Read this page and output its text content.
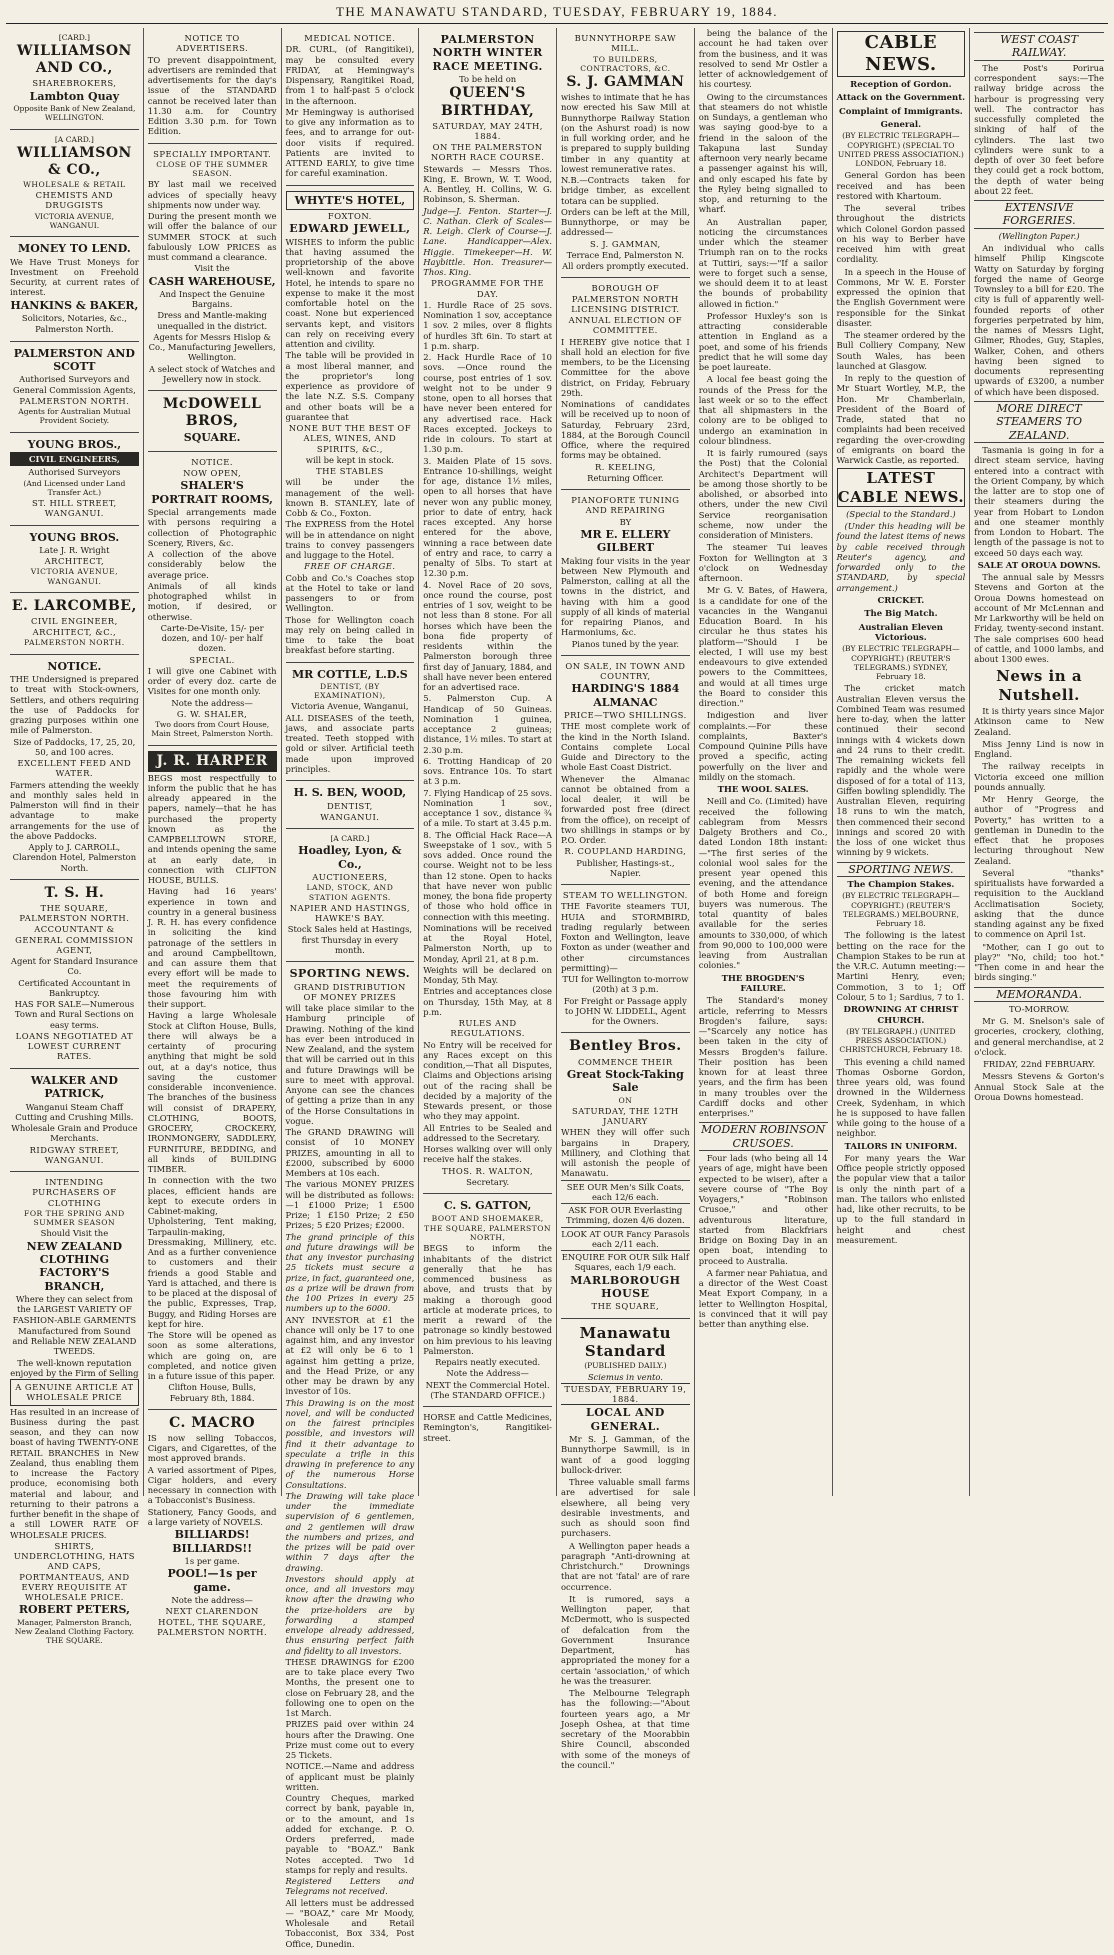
THE MANAWATU STANDARD, TUESDAY, FEBRUARY 19, 1884.

[CARD.]

WILLIAMSON AND CO.,

SHAREBROKERS,

Lambton Quay

Opposite Bank of New Zealand, WELLINGTON.

[A CARD.]

WILLIAMSON & CO.,

WHOLESALE & RETAIL

CHEMISTS AND DRUGGISTS

VICTORIA AVENUE, WANGANUI.

MONEY TO LEND.

We Have Trust Moneys for Investment on Freehold Security, at current rates of interest.

HANKINS & BAKER,

Solicitors, Notaries, &c.,

Palmerston North.

PALMERSTON AND SCOTT

Authorised Surveyors and General Commission Agents,

PALMERSTON NORTH.

Agents for Australian Mutual Provident Society.

YOUNG BROS.,

CIVIL ENGINEERS,

Authorised Surveyors

(And Licensed under Land Transfer Act.)

ST. HILL STREET, WANGANUI.

YOUNG BROS.

Late J. R. Wright

ARCHITECT,

VICTORIA AVENUE, WANGANUI.

E. LARCOMBE,

CIVIL ENGINEER,

ARCHITECT, &C.,

PALMERSTON NORTH.

NOTICE.

THE Undersigned is prepared to treat with Stock-owners, Settlers, and others requiring the use of Paddocks for grazing purposes within one mile of Palmerston.

Size of Paddocks, 17, 25, 20, 50, and 100 acres.

EXCELLENT FEED AND WATER.

Farmers attending the weekly and monthly sales held in Palmerston will find in their advantage to make arrangements for the use of the above Paddocks.

Apply to J. CARROLL, Clarendon Hotel, Palmerston North.

T. S. H.

THE SQUARE, PALMERSTON NORTH.

ACCOUNTANT & GENERAL COMMISSION AGENT,

Agent for Standard Insurance Co.

Certificated Accountant in Bankruptcy.

HAS FOR SALE—Numerous Town and Rural Sections on easy terms.

LOANS NEGOTIATED AT LOWEST CURRENT RATES.

WALKER AND PATRICK,

Wanganui Steam Chaff Cutting and Crushing Mills.

Wholesale Grain and Produce Merchants.

RIDGWAY STREET, WANGANUI.

INTENDING PURCHASERS OF CLOTHING

FOR THE SPRING AND SUMMER SEASON

Should Visit the

NEW ZEALAND CLOTHING FACTORY'S BRANCH,

Where they can select from the LARGEST VARIETY OF FASHION-ABLE GARMENTS

Manufactured from Sound and Reliable NEW ZEALAND TWEEDS.

The well-known reputation enjoyed by the Firm of Selling

A GENUINE ARTICLE AT WHOLESALE PRICE

Has resulted in an increase of Business during the past season, and they can now boast of having TWENTY-ONE RETAIL BRANCHES in New Zealand, thus enabling them to increase the Factory produce, economising both material and labour, and returning to their patrons a further benefit in the shape of a still LOWER RATE OF WHOLESALE PRICES.

SHIRTS, UNDERCLOTHING, HATS AND CAPS, PORTMANTEAUS, AND EVERY REQUISITE AT WHOLESALE PRICE.

ROBERT PETERS,

Manager, Palmerston Branch, New Zealand Clothing Factory. THE SQUARE.

NOTICE TO ADVERTISERS.

TO prevent disappointment, advertisers are reminded that advertisements for the day's issue of the STANDARD cannot be received later than 11.30 a.m. for Country Edition 3.30 p.m. for Town Edition.

SPECIALLY IMPORTANT.

CLOSE OF THE SUMMER SEASON.

BY last mail we received advices of specially heavy shipments now under way.

During the present month we will offer the balance of our SUMMER STOCK at such fabulously LOW PRICES as must command a clearance.

Visit the

CASH WAREHOUSE,

And Inspect the Genuine Bargains.

Dress and Mantle-making unequalled in the district.

Agents for Messrs Hislop & Co., Manufacturing Jewellers, Wellington.

A select stock of Watches and Jewellery now in stock.

McDOWELL BROS,

SQUARE.

NOTICE.

NOW OPEN,

SHALER'S PORTRAIT ROOMS,

Special arrangements made with persons requiring a collection of Photographic Scenery, Rivers, &c.

A collection of the above considerably below the average price.

Animals of all kinds photographed whilst in motion, if desired, or otherwise.

Carte-De-Visite, 15/- per dozen, and 10/- per half dozen.

SPECIAL.

I will give one Cabinet with order of every doz. carte de Visites for one month only.

Note the address—

G. W. SHALER,

Two doors from Court House, Main Street, Palmerston North.

J. R. HARPER

BEGS most respectfully to inform the public that he has already appeared in the papers, namely—that he has purchased the property known as the CAMPBELLTOWN STORE, and intends opening the same at an early date, in connection with CLIFTON HOUSE, BULLS.

Having had 16 years' experience in town and country in a general business J. R. H. has every confidence in soliciting the kind patronage of the settlers in and around Campbelltown, and can assure them that every effort will be made to meet the requirements of those favouring him with their support.

Having a large Wholesale Stock at Clifton House, Bulls, there will always be a certainty of procuring anything that might be sold out, at a day's notice, thus saving the customer considerable inconvenience. The branches of the business will consist of DRAPERY, CLOTHING, BOOTS, GROCERY, CROCKERY, IRONMONGERY, SADDLERY, FURNITURE, BEDDING, and all kinds of BUILDING TIMBER.

In connection with the two places, efficient hands are kept to execute orders in Cabinet-making, Upholstering, Tent making, Tarpaulin-making, Dressmaking, Millinery, etc. And as a further convenience to customers and their friends a good Stable and Yard is attached, and there is to be placed at the disposal of the public, Expresses, Trap, Buggy, and Riding Horses are kept for hire.

The Store will be opened as soon as some alterations, which are going on, are completed, and notice given in a future issue of this paper.

Clifton House, Bulls, February 8th, 1884.

C. MACRO

IS now selling Tobaccos, Cigars, and Cigarettes, of the most approved brands.

A varied assortment of Pipes, Cigar holders, and every necessary in connection with a Tobacconist's Business.

Stationery, Fancy Goods, and a large variety of NOVELS.

BILLIARDS! BILLIARDS!!

1s per game.

POOL!—1s per game.

Note the address—

NEXT CLARENDON HOTEL, THE SQUARE, PALMERSTON NORTH.

MEDICAL NOTICE.

DR. CURL, (of Rangitikei), may be consulted every FRIDAY, at Hemingway's Dispensary, Rangitikei Road, from 1 to half-past 5 o'clock in the afternoon.

Mr Hemingway is authorised to give any information as to fees, and to arrange for out-door visits if required. Patients are invited to ATTEND EARLY, to give time for careful examination.

WHYTE'S HOTEL,

FOXTON.

EDWARD JEWELL,

WISHES to inform the public that having assumed the proprietorship of the above well-known and favorite Hotel, he intends to spare no expense to make it the most comfortable hotel on the coast. None but experienced servants kept, and visitors can rely on receiving every attention and civility.

The table will be provided in a most liberal manner, and the proprietor's long experience as providore of the late N.Z. S.S. Company and other boats will be a guarantee that

NONE BUT THE BEST OF ALES, WINES, AND SPIRITS, &C.,

will be kept in stock.

THE STABLES

will be under the management of the well-known B. STANLEY, late of Cobb & Co., Foxton.

The EXPRESS from the Hotel will be in attendance on night trains to convey passengers and luggage to the Hotel.

FREE OF CHARGE.

Cobb and Co.'s Coaches stop at the Hotel to take or land passengers to or from Wellington.

Those for Wellington coach may rely on being called in time to take the boat breakfast before starting.

MR COTTLE, L.D.S

DENTIST, (BY EXAMINATION),

Victoria Avenue, Wanganui,

ALL DISEASES of the teeth, jaws, and associate parts treated. Teeth stopped with gold or silver. Artificial teeth made upon improved principles.

H. S. BEN, WOOD,

DENTIST,

WANGANUI.

[A CARD.]

Hoadley, Lyon, & Co.,

AUCTIONEERS,

LAND, STOCK, AND STATION AGENTS.

NAPIER AND HASTINGS, HAWKE'S BAY.

Stock Sales held at Hastings, first Thursday in every month.

SPORTING NEWS.

GRAND DISTRIBUTION OF MONEY PRIZES

will take place similar to the Hamburg principle of Drawing. Nothing of the kind has ever been introduced in New Zealand, and the system that will be carried out in this and future Drawings will be sure to meet with approval. Anyone can see the chances of getting a prize than in any of the Horse Consultations in vogue.

The GRAND DRAWING will consist of 10 MONEY PRIZES, amounting in all to £2000, subscribed by 6000 Members at 10s each.

The various MONEY PRIZES will be distributed as follows:—1 £1000 Prize; 1 £500 Prize; 1 £150 Prize; 2 £50 Prizes; 5 £20 Prizes; £2000.

The grand principle of this and future drawings will be that any investor purchasing 25 tickets must secure a prize, in fact, guaranteed one, as a prize will be drawn from the 100 Prizes in every 25 numbers up to the 6000.

ANY INVESTOR at £1 the chance will only be 17 to one against him, and any investor at £2 will only be 6 to 1 against him getting a prize, and the Head Prize, or any other may be drawn by any investor of 10s.

This Drawing is on the most novel, and will be conducted on the fairest principles possible, and investors will find it their advantage to speculate a trifle in this drawing in preference to any of the numerous Horse Consultations.

The Drawing will take place under the immediate supervision of 6 gentlemen, and 2 gentlemen will draw the numbers and prizes, and the prizes will be paid over within 7 days after the drawing.

Investors should apply at once, and all investors may know after the drawing who the prize-holders are by forwarding a stamped envelope already addressed, thus ensuring perfect faith and fidelity to all investors.

THESE DRAWINGS for £200 are to take place every Two Months, the present one to close on February 28, and the following one to open on the 1st March.

PRIZES paid over within 24 hours after the Drawing. One Prize must come out to every 25 Tickets.

NOTICE.—Name and address of applicant must be plainly written.

Country Cheques, marked correct by bank, payable in, or to the amount, and 1s added for exchange. P. O. Orders preferred, made payable to "BOAZ." Bank Notes accepted. Two 1d stamps for reply and results.

Registered Letters and Telegrams not received.

All letters must be addressed— "BOAZ," care Mr Moody, Wholesale and Retail Tobacconist, Box 334, Post Office, Dunedin.

PALMERSTON NORTH WINTER RACE MEETING.

To be held on

QUEEN'S BIRTHDAY,

SATURDAY, MAY 24TH, 1884.

ON THE PALMERSTON NORTH RACE COURSE.

Stewards — Messrs Thos. King, E. Brown, W. T. Wood, A. Bentley, H. Collins, W. G. Robinson, S. Sherman.

Judge—J. Fenton. Starter—J. C. Nathan. Clerk of Scales—R. Leigh. Clerk of Course—J. Lane. Handicapper—Alex. Higgie. Timekeeper—H. W. Haybittle. Hon. Treasurer—Thos. King.

PROGRAMME FOR THE DAY.

1. Hurdle Race of 25 sovs. Nomination 1 sov, acceptance 1 sov. 2 miles, over 8 flights of hurdles 3ft 6in. To start at 1 p.m. sharp.

2. Hack Hurdle Race of 10 sovs. —Once round the course, post entries of 1 sov. weight not to be under 9 stone, open to all horses that have never been entered for any advertised race. Hack Races excepted. Jockeys to ride in colours. To start at 1.30 p.m.

3. Maiden Plate of 15 sovs. Entrance 10-shillings, weight for age, distance 1½ miles, open to all horses that have never won any public money, prior to date of entry, hack races excepted. Any horse entered for the above, winning a race between date of entry and race, to carry a penalty of 5lbs. To start at 12.30 p.m.

4. Novel Race of 20 sovs, once round the course, post entries of 1 sov, weight to be not less than 8 stone. For all horses which have been the bona fide property of residents within the Palmerston borough three first day of January, 1884, and shall have never been entered for an advertised race.

5. Palmerston Cup. A Handicap of 50 Guineas. Nomination 1 guinea, acceptance 2 guineas; distance, 1½ miles. To start at 2.30 p.m.

6. Trotting Handicap of 20 sovs. Entrance 10s. To start at 3 p.m.

7. Flying Handicap of 25 sovs. Nomination 1 sov., acceptance 1 sov., distance ¾ of a mile. To start at 3.45 p.m.

8. The Official Hack Race—A Sweepstake of 1 sov., with 5 sovs added. Once round the course. Weight not to be less than 12 stone. Open to hacks that have never won public money, the bona fide property of those who hold office in connection with this meeting.

Nominations will be received at the Royal Hotel, Palmerston North, up to Monday, April 21, at 8 p.m.

Weights will be declared on Monday, 5th May.

Entries and acceptances close on Thursday, 15th May, at 8 p.m.

RULES AND REGULATIONS.

No Entry will be received for any Races except on this condition,—That all Disputes, Claims and Objections arising out of the racing shall be decided by a majority of the Stewards present, or those who they may appoint.

All Entries to be Sealed and addressed to the Secretary.

Horses walking over will only receive half the stakes.

THOS. R. WALTON,

Secretary.

C. S. GATTON,

BOOT AND SHOEMAKER,

THE SQUARE, PALMERSTON NORTH,

BEGS to inform the inhabitants of the district generally that he has commenced business as above, and trusts that by making a thorough good article at moderate prices, to merit a reward of the patronage so kindly bestowed on him previous to his leaving Palmerston.

Repairs neatly executed.

Note the Address—

NEXT the Commercial Hotel. (The STANDARD OFFICE.)

HORSE and Cattle Medicines, Remington's, Rangitikei-street.

BUNNYTHORPE SAW MILL.

TO BUILDERS, CONTRACTORS, &C.

S. J. GAMMAN

wishes to intimate that he has now erected his Saw Mill at Bunnythorpe Railway Station (on the Ashurst road) is now in full working order, and he is prepared to supply building timber in any quantity at lowest remunerative rates.

N.B.—Contracts taken for bridge timber, as excellent totara can be supplied.

Orders can be left at the Mill, Bunnythorpe, or may be addressed—

S. J. GAMMAN,

Terrace End, Palmerston N.

All orders promptly executed.

BOROUGH OF PALMERSTON NORTH LICENSING DISTRICT.

ANNUAL ELECTION OF COMMITTEE.

I HEREBY give notice that I shall hold an election for five members, to be the Licensing Committee for the above district, on Friday, February 29th.

Nominations of candidates will be received up to noon of Saturday, February 23rd, 1884, at the Borough Council Office, where the required forms may be obtained.

R. KEELING,

Returning Officer.

PIANOFORTE TUNING AND REPAIRING

BY

MR E. ELLERY GILBERT

Making four visits in the year between New Plymouth and Palmerston, calling at all the towns in the district, and having with him a good supply of all kinds of material for repairing Pianos, and Harmoniums, &c.

Pianos tuned by the year.

ON SALE, IN TOWN AND COUNTRY,

HARDING'S 1884 ALMANAC

PRICE—TWO SHILLINGS.

THE most complete work of the kind in the North Island. Contains complete Local Guide and Directory to the whole East Coast District.

Whenever the Almanac cannot be obtained from a local dealer, it will be forwarded post free (direct from the office), on receipt of two shillings in stamps or by P.O. Order.

R. COUPLAND HARDING,

Publisher, Hastings-st., Napier.

STEAM TO WELLINGTON.

THE Favorite steamers TUI, HUIA and STORMBIRD, trading regularly between Foxton and Wellington, leave Foxton as under (weather and other circumstances permitting)—

TUI for Wellington to-morrow (20th) at 3 p.m.

For Freight or Passage apply to JOHN W. LIDDELL, Agent for the Owners.

Bentley Bros.

COMMENCE THEIR

Great Stock-Taking Sale

ON

SATURDAY, THE 12TH JANUARY

WHEN they will offer such bargains in Drapery, Millinery, and Clothing that will astonish the people of Manawatu.

SEE OUR Men's Silk Coats, each 12/6 each.

ASK FOR OUR Everlasting Trimming, dozen 4/6 dozen.

LOOK AT OUR Fancy Parasols each 2/11 each.

ENQUIRE FOR OUR Silk Half Squares, each 1/9 each.

MARLBOROUGH HOUSE

THE SQUARE,

Manawatu Standard

(PUBLISHED DAILY.)

Sciemus in vento.

TUESDAY, FEBRUARY 19, 1884.

LOCAL AND GENERAL.

Mr S. J. Gamman, of the Bunnythorpe Sawmill, is in want of a good logging bullock-driver.

Three valuable small farms are advertised for sale elsewhere, all being very desirable investments, and such as should soon find purchasers.

A Wellington paper heads a paragraph "Anti-drowning at Christchurch." Drownings that are not 'fatal' are of rare occurrence.

It is rumored, says a Wellington paper, that McDermott, who is suspected of defalcation from the Government Insurance Department, has appropriated the money for a certain 'association,' of which he was the treasurer.

The Melbourne Telegraph has the following:—"About fourteen years ago, a Mr Joseph Oshea, at that time secretary of the Moorabbin Shire Council, absconded with some of the moneys of the council."

being the balance of the account he had taken over from the business, and it was resolved to send Mr Ostler a letter of acknowledgement of his courtesy.

Owing to the circumstances that steamers do not whistle on Sundays, a gentleman who was saying good-bye to a friend in the saloon of the Takapuna last Sunday afternoon very nearly became a passenger against his will, and only escaped his fate by the Ryley being signalled to stop, and returning to the wharf.

An Australian paper, noticing the circumstances under which the steamer Triumph ran on to the rocks at Tuttiri, says:—"If a sailor were to forget such a sense, we should deem it to at least the bounds of probability allowed in fiction."

Professor Huxley's son is attracting considerable attention in England as a poet, and some of his friends predict that he will some day be poet laureate.

A local fee beast going the rounds of the Press for the last week or so to the effect that all shipmasters in the colony are to be obliged to undergo an examination in colour blindness.

It is fairly rumoured (says the Post) that the Colonial Architect's Department will be among those shortly to be abolished, or absorbed into others, under the new Civil Service reorganisation scheme, now under the consideration of Ministers.

The steamer Tui leaves Foxton for Wellington at 3 o'clock on Wednesday afternoon.

Mr G. V. Bates, of Hawera, is a candidate for one of the vacancies in the Wanganui Education Board. In his circular he thus states his platform—"Should I be elected, I will use my best endeavours to give extended powers to the Committees, and would at all times urge the Board to consider this direction."

Indigestion and liver complaints.—For these complaints, Baxter's Compound Quinine Pills have proved a specific, acting powerfully on the liver and mildly on the stomach.

THE WOOL SALES.

Neill and Co. (Limited) have received the following cablegram from Messrs Dalgety Brothers and Co., dated London 18th instant:—"The first series of the colonial wool sales for the present year opened this evening, and the attendance of both Home and foreign buyers was numerous. The total quantity of bales available for the series amounts to 330,000, of which from 90,000 to 100,000 were leaving from Australian colonies."

THE BROGDEN'S FAILURE.

The Standard's money article, referring to Messrs Brogden's failure, says:—"Scarcely any notice has been taken in the city of Messrs Brogden's failure. Their position has been known for at least three years, and the firm has been in many troubles over the Cardiff docks and other enterprises."

MODERN ROBINSON CRUSOES.

Four lads (who being all 14 years of age, might have been expected to be wiser), after a severe course of "The Boy Voyagers," "Robinson Crusoe," and other adventurous literature, started from Blackfriars Bridge on Boxing Day in an open boat, intending to proceed to Australia.

A farmer near Pahiatua, and a director of the West Coast Meat Export Company, in a letter to Wellington Hospital, is convinced that it will pay better than anything else.

CABLE NEWS.
Reception of Gordon.
Attack on the Government.
Complaint of Immigrants.
General.

(BY ELECTRIC TELEGRAPH—COPYRIGHT.) (SPECIAL TO UNITED PRESS ASSOCIATION.) LONDON, February 18.

General Gordon has been received and has been restored with Khartoum.

The several tribes throughout the districts which Colonel Gordon passed on his way to Berber have received him with great cordiality.

In a speech in the House of Commons, Mr W. E. Forster expressed the opinion that the English Government were responsible for the Sinkat disaster.

The steamer ordered by the Bull Colliery Company, New South Wales, has been launched at Glasgow.

In reply to the question of Mr Stuart Wortley, M.P., the Hon. Mr Chamberlain, President of the Board of Trade, stated that no complaints had been received regarding the over-crowding of emigrants on board the Warwick Castle, as reported.

LATEST CABLE NEWS.

(Special to the Standard.)

(Under this heading will be found the latest items of news by cable received through Reuter's agency, and forwarded only to the STANDARD, by special arrangement.)

CRICKET.
The Big Match.
Australian Eleven Victorious.

(BY ELECTRIC TELEGRAPH—COPYRIGHT.) (REUTER'S TELEGRAMS.) SYDNEY, February 18.

The cricket match Australian Eleven versus the Combined Team was resumed here to-day, when the latter continued their second innings with 4 wickets down and 24 runs to their credit. The remaining wickets fell rapidly and the whole were disposed of for a total of 113, Giffen bowling splendidly. The Australian Eleven, requiring 18 runs to win the match, then commenced their second innings and scored 20 with the loss of one wicket thus winning by 9 wickets.

SPORTING NEWS.
The Champion Stakes.

(BY ELECTRIC TELEGRAPH—COPYRIGHT.) (REUTER'S TELEGRAMS.) MELBOURNE, February 18.

The following is the latest betting on the race for the Champion Stakes to be run at the V.R.C. Autumn meeting:—Martini Henry, even; Commotion, 3 to 1; Off Colour, 5 to 1; Sardius, 7 to 1.

DROWNING AT CHRIST CHURCH.

(BY TELEGRAPH.) (UNITED PRESS ASSOCIATION.) CHRISTCHURCH, February 18.

This evening a child named Thomas Osborne Gordon, three years old, was found drowned in the Wilderness Creek, Sydenham, in which he is supposed to have fallen while going to the house of a neighbor.

TAILORS IN UNIFORM.

For many years the War Office people strictly opposed the popular view that a tailor is only the ninth part of a man. The tailors who enlisted had, like other recruits, to be up to the full standard in height and chest measurement.

WEST COAST RAILWAY.

The Post's Porirua correspondent says:—The railway bridge across the harbour is progressing very well. The contractor has successfully completed the sinking of half of the cylinders. The last two cylinders were sunk to a depth of over 30 feet before they could get a rock bottom, the depth of water being about 22 feet.

EXTENSIVE FORGERIES.

(Wellington Paper.)

An individual who calls himself Philip Kingscote Watty on Saturday by forging forged the name of George Townsley to a bill for £20. The city is full of apparently well-founded reports of other forgeries perpetrated by him, the names of Messrs Light, Gilmer, Rhodes, Guy, Staples, Walker, Cohen, and others having been signed to documents representing upwards of £3200, a number of which have been disposed.

MORE DIRECT STEAMERS TO ZEALAND.

Tasmania is going in for a direct steam service, having entered into a contract with the Orient Company, by which the latter are to stop one of their steamers during the year from Hobart to London and one steamer monthly from London to Hobart. The length of the passage is not to exceed 50 days each way.

SALE AT OROUA DOWNS.

The annual sale by Messrs Stevens and Gorton at the Oroua Downs homestead on account of Mr McLennan and Mr Larkworthy will be held on Friday, twenty-second instant. The sale comprises 600 head of cattle, and 1000 lambs, and about 1300 ewes.

News in a Nutshell.

It is thirty years since Major Atkinson came to New Zealand.

Miss Jenny Lind is now in England.

The railway receipts in Victoria exceed one million pounds annually.

Mr Henry George, the author of "Progress and Poverty," has written to a gentleman in Dunedin to the effect that he proposes lecturing throughout New Zealand.

Several "thanks" spiritualists have forwarded a requisition to the Auckland Acclimatisation Society, asking that the dunce standing against any be fixed to commence on April 1st.

"Mother, can I go out to play?" "No, child; too hot." "Then come in and hear the birds singing."

MEMORANDA.

TO-MORROW.

Mr G. M. Snelson's sale of groceries, crockery, clothing, and general merchandise, at 2 o'clock.

FRIDAY, 22nd FEBRUARY.

Messrs Stevens & Gorton's Annual Stock Sale at the Oroua Downs homestead.
